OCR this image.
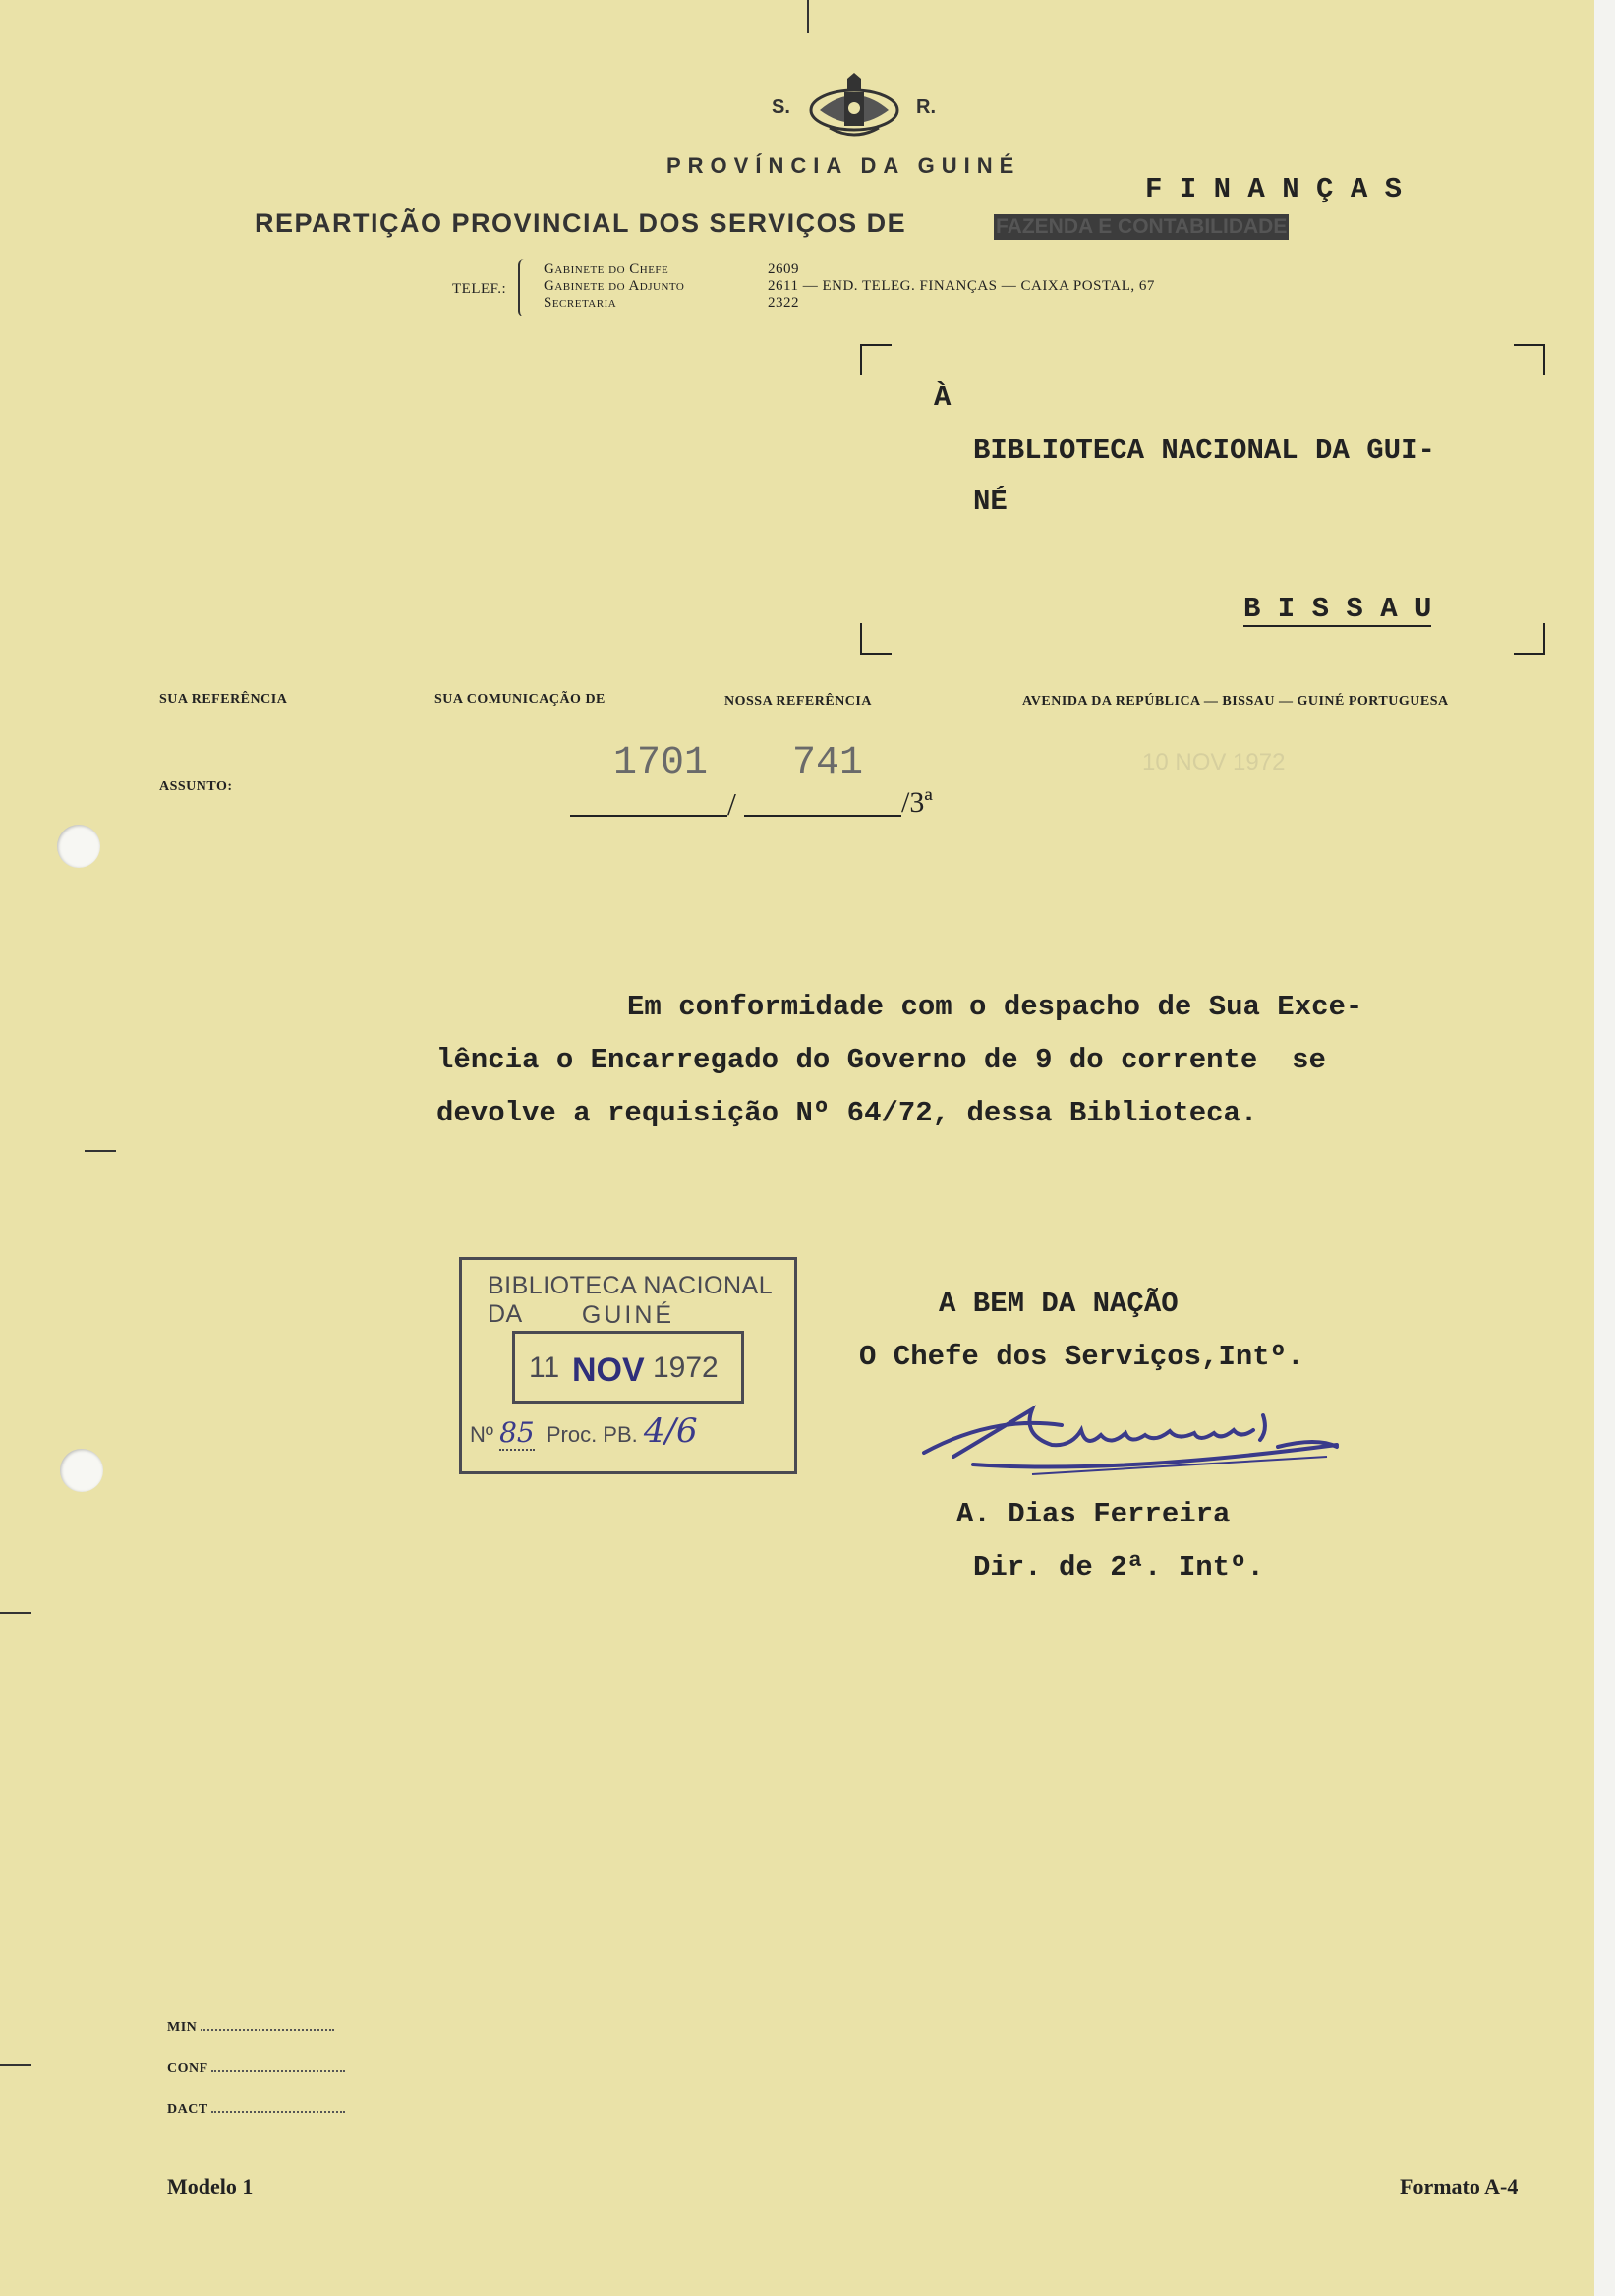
S.	R.
PROVÍNCIA DA GUINÉ
F I N A N Ç A S
REPARTIÇÃO PROVINCIAL DOS SERVIÇOS DE	FAZENDA E CONTABILIDADE
TELEF.:
Gabinete do Chefe	2609
Gabinete do Adjunto	2611 — END. TELEG. FINANÇAS — CAIXA POSTAL, 67
Secretaria	2322
À
BIBLIOTECA NACIONAL DA GUI-
NÉ
B I S S A U
SUA REFERÊNCIA	SUA COMUNICAÇÃO DE	NOSSA REFERÊNCIA	AVENIDA DA REPÚBLICA — BISSAU — GUINÉ PORTUGUESA
ASSUNTO:
1701 741
/	/3ª
10 NOV 1972
Em conformidade com o despacho de Sua Exce-
lência o Encarregado do Governo de 9 do corrente  se
devolve a requisição Nº 64/72, dessa Biblioteca.
BIBLIOTECA NACIONAL DA	GUINÉ
11 NOV 1972
Nº 85 Proc. PB. 4/6
A BEM DA NAÇÃO
O Chefe dos Serviços,Intº.
A. Dias Ferreira
Dir. de 2ª. Intº.
MIN
CONF
DACT
Modelo 1	Formato A-4
